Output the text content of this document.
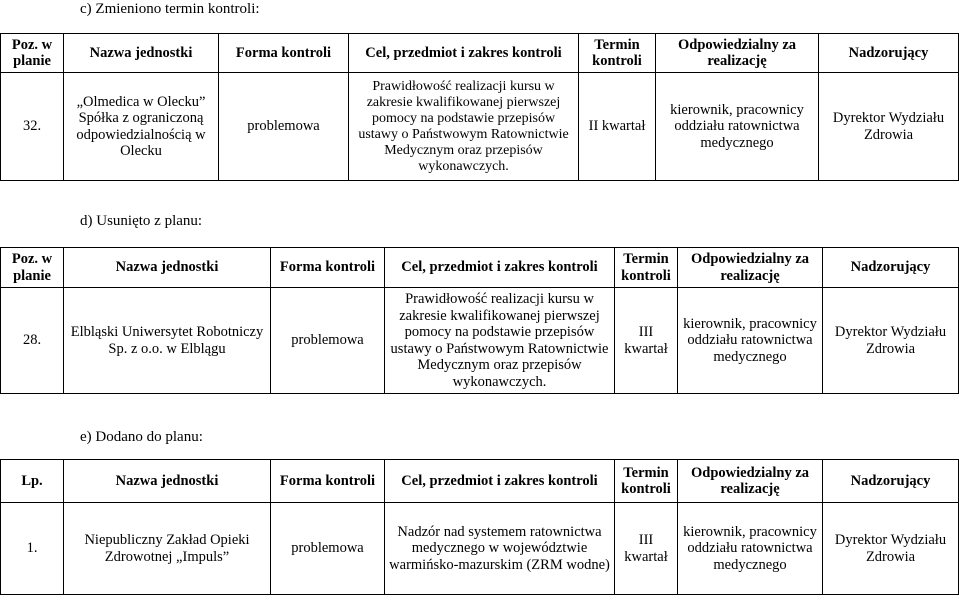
c) Zmieniono termin kontroli:
Poz. w planie	Nazwa jednostki	Forma kontroli	Cel, przedmiot i zakres kontroli	Termin kontroli	Odpowiedzialny za realizację	Nadzorujący
32.	„Olmedica w Olecku” Spółka z ograniczoną odpowiedzialnością w Olecku	problemowa	Prawidłowość realizacji kursu w zakresie kwalifikowanej pierwszej pomocy na podstawie przepisów ustawy o Państwowym Ratownictwie Medycznym oraz przepisów wykonawczych.	II kwartał	kierownik, pracownicy oddziału ratownictwa medycznego	Dyrektor Wydziału Zdrowia
d) Usunięto z planu:
Poz. w planie	Nazwa jednostki	Forma kontroli	Cel, przedmiot i zakres kontroli	Termin kontroli	Odpowiedzialny za realizację	Nadzorujący
28.	Elbląski Uniwersytet Robotniczy Sp. z o.o. w Elblągu	problemowa	Prawidłowość realizacji kursu w zakresie kwalifikowanej pierwszej pomocy na podstawie przepisów ustawy o Państwowym Ratownictwie Medycznym oraz przepisów wykonawczych.	III kwartał	kierownik, pracownicy oddziału ratownictwa medycznego	Dyrektor Wydziału Zdrowia
e) Dodano do planu:
Lp.	Nazwa jednostki	Forma kontroli	Cel, przedmiot i zakres kontroli	Termin kontroli	Odpowiedzialny za realizację	Nadzorujący
1.	Niepubliczny Zakład Opieki Zdrowotnej „Impuls”	problemowa	Nadzór nad systemem ratownictwa medycznego w województwie warmińsko-mazurskim (ZRM wodne)	III kwartał	kierownik, pracownicy oddziału ratownictwa medycznego	Dyrektor Wydziału Zdrowia
